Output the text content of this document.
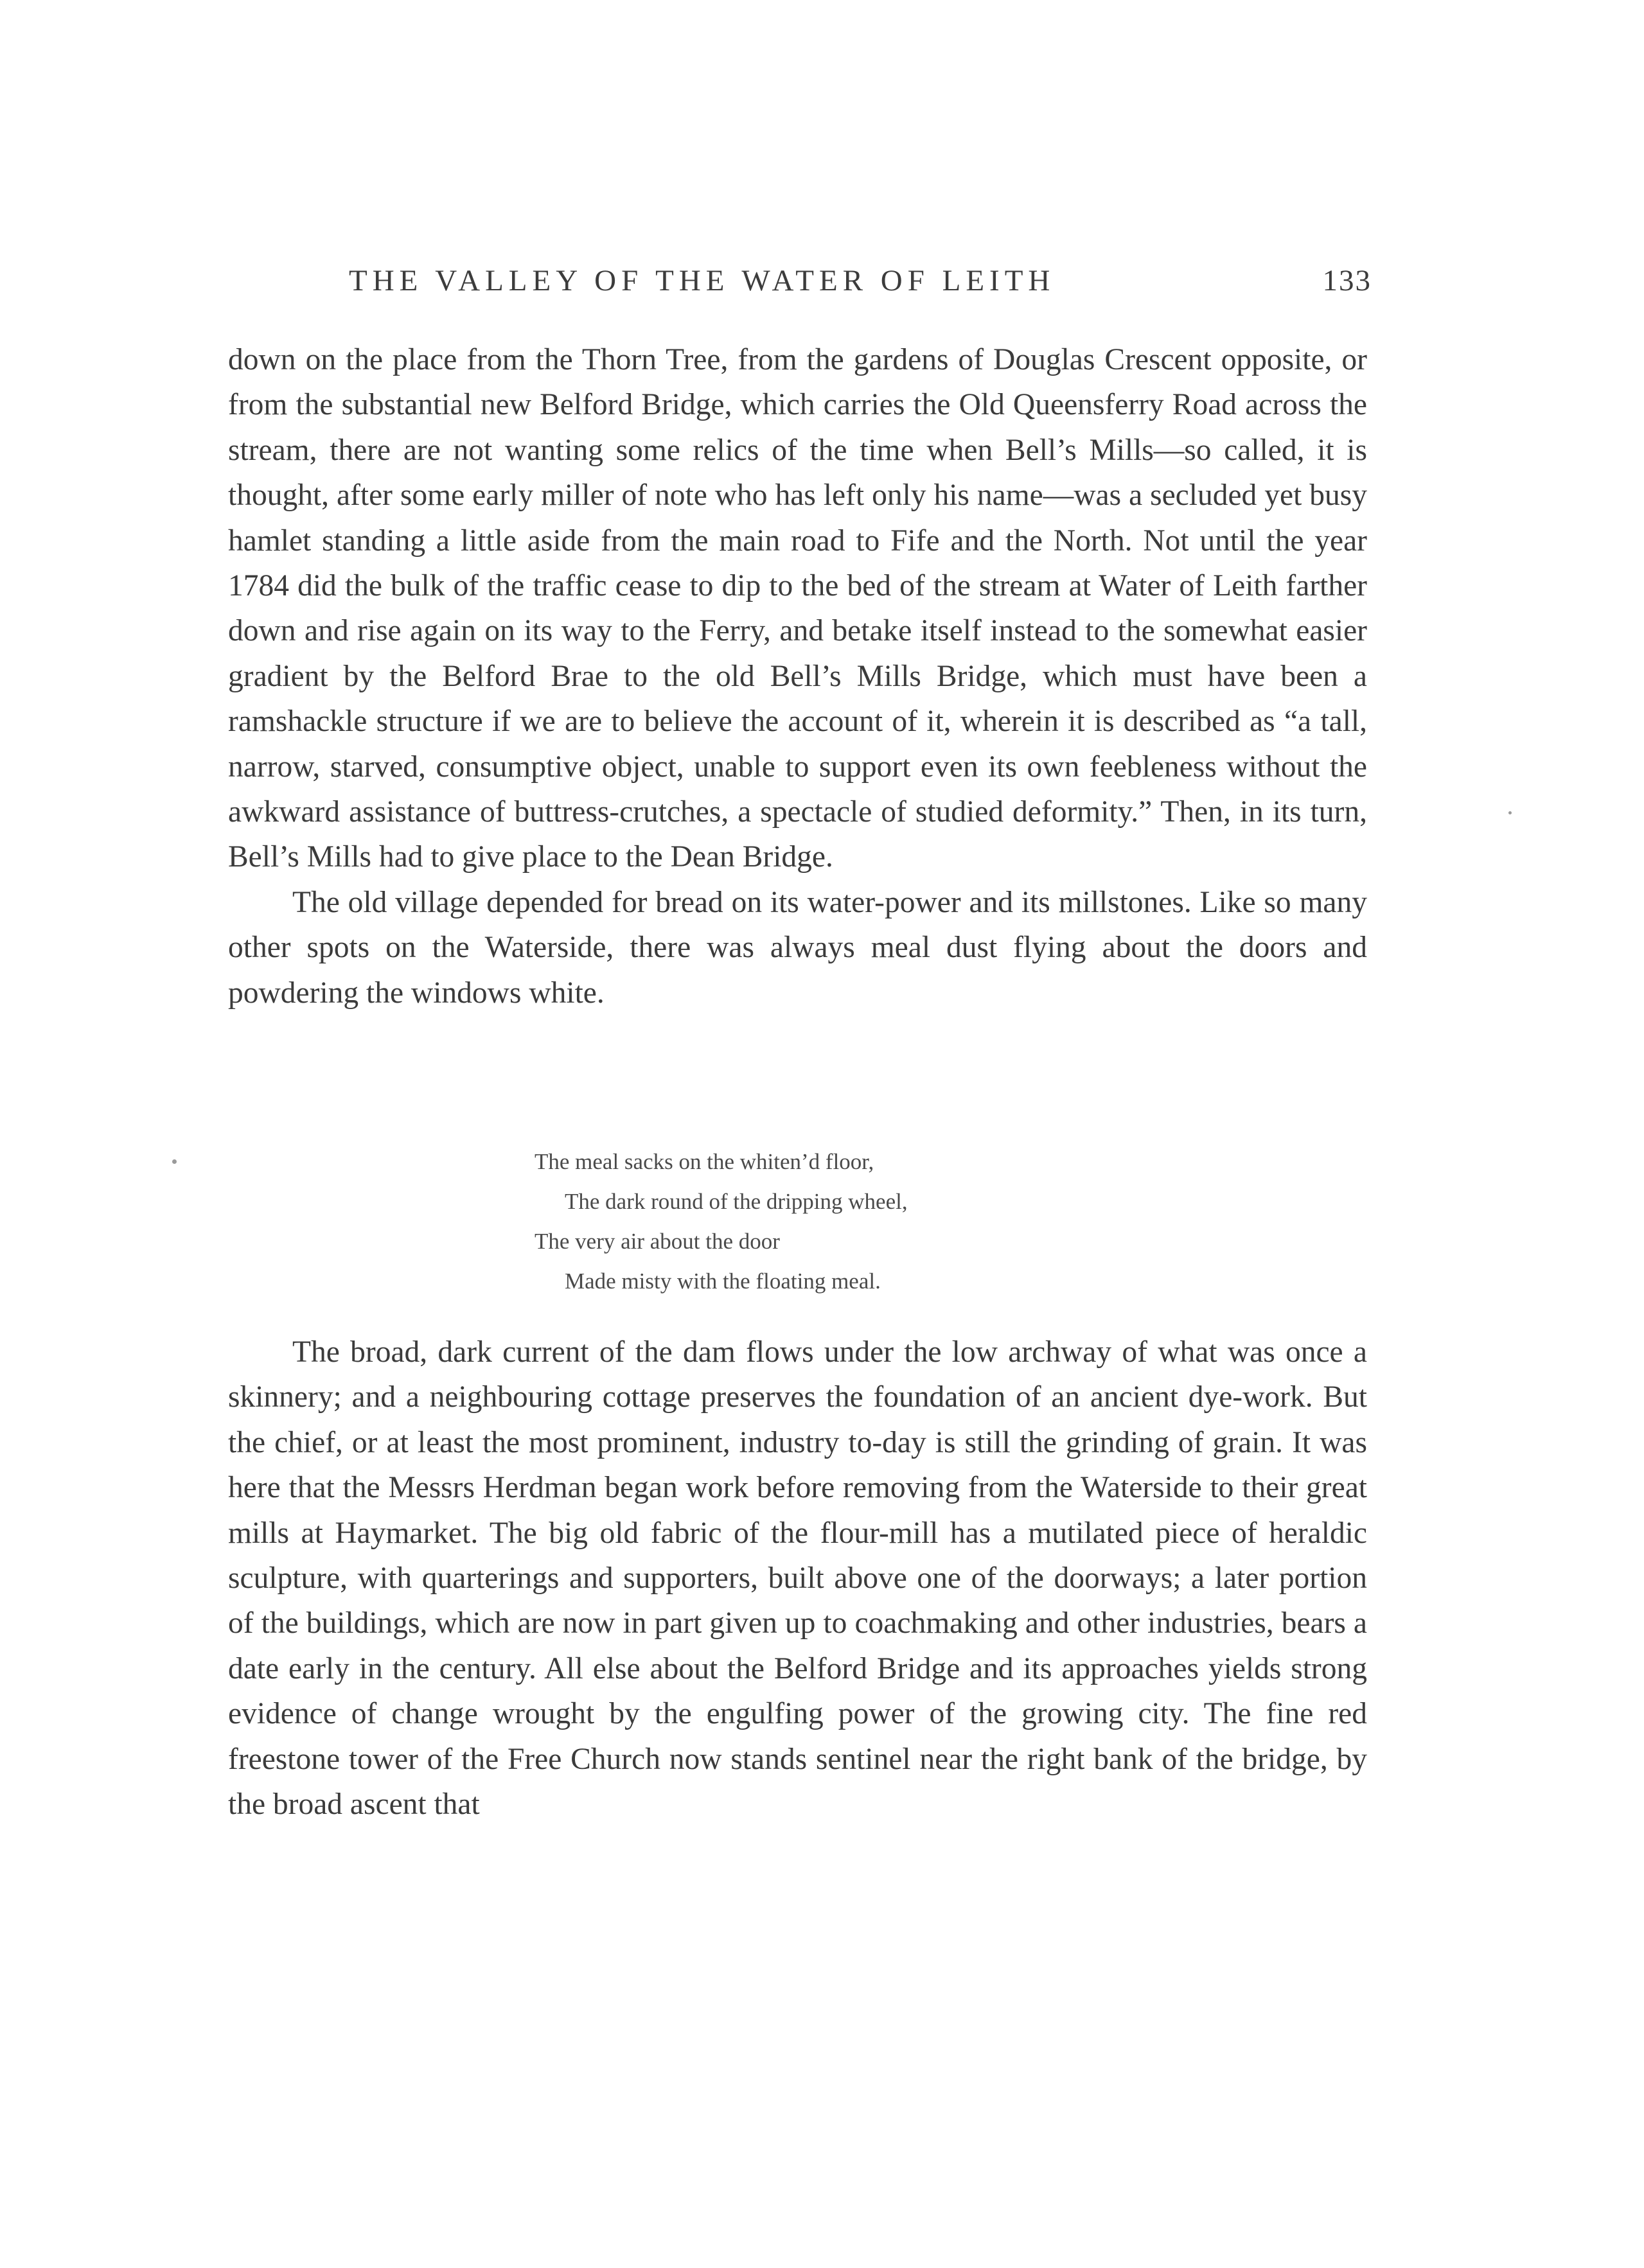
THE VALLEY OF THE WATER OF LEITH	133

down on the place from the Thorn Tree, from the gardens of Douglas Crescent opposite, or from the substantial new Belford Bridge, which carries the Old Queensferry Road across the stream, there are not wanting some relics of the time when Bell’s Mills—so called, it is thought, after some early miller of note who has left only his name—was a secluded yet busy hamlet standing a little aside from the main road to Fife and the North. Not until the year 1784 did the bulk of the traffic cease to dip to the bed of the stream at Water of Leith farther down and rise again on its way to the Ferry, and betake itself instead to the somewhat easier gradient by the Belford Brae to the old Bell’s Mills Bridge, which must have been a ramshackle structure if we are to believe the account of it, wherein it is described as “a tall, narrow, starved, consumptive object, unable to support even its own feebleness without the awkward assistance of buttress-crutches, a spectacle of studied deformity.” Then, in its turn, Bell’s Mills had to give place to the Dean Bridge.

The old village depended for bread on its water-power and its millstones. Like so many other spots on the Waterside, there was always meal dust flying about the doors and powdering the windows white.

The meal sacks on the whiten’d floor,
The dark round of the dripping wheel,
The very air about the door
Made misty with the floating meal.

The broad, dark current of the dam flows under the low archway of what was once a skinnery; and a neighbouring cottage preserves the foundation of an ancient dye-work. But the chief, or at least the most prominent, industry to-day is still the grinding of grain. It was here that the Messrs Herdman began work before removing from the Waterside to their great mills at Haymarket. The big old fabric of the flour-mill has a mutilated piece of heraldic sculpture, with quarterings and supporters, built above one of the doorways; a later portion of the buildings, which are now in part given up to coachmaking and other industries, bears a date early in the century. All else about the Belford Bridge and its approaches yields strong evidence of change wrought by the engulfing power of the growing city. The fine red freestone tower of the Free Church now stands sentinel near the right bank of the bridge, by the broad ascent that
